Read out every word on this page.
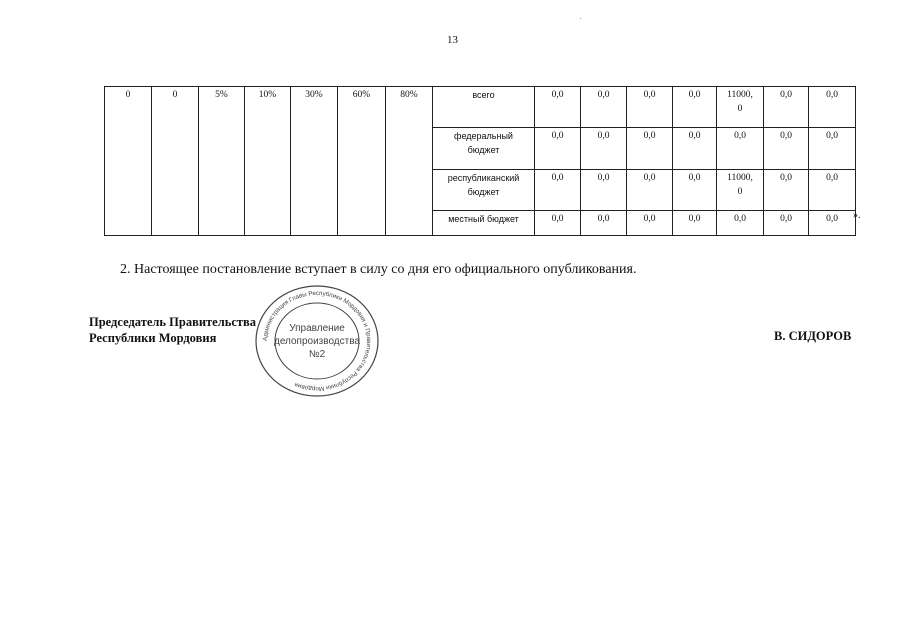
13
0	0	5%	10%	30%	60%	80%	всего	0,0	0,0	0,0	0,0	11000,
0	0,0	0,0
							федеральный
бюджет	0,0	0,0	0,0	0,0	0,0	0,0	0,0
							республиканский
бюджет	0,0	0,0	0,0	0,0	11000,
0	0,0	0,0
							местный бюджет	0,0	0,0	0,0	0,0	0,0	0,0	0,0 ».
2. Настоящее постановление вступает в силу со дня его официального опубликования.
Председатель Правительства
Республики Мордовия	В. СИДОРОВ
Администрация Главы Республики Мордовия и Правительства Республики Мордовия
Управление
делопроизводства
№2
